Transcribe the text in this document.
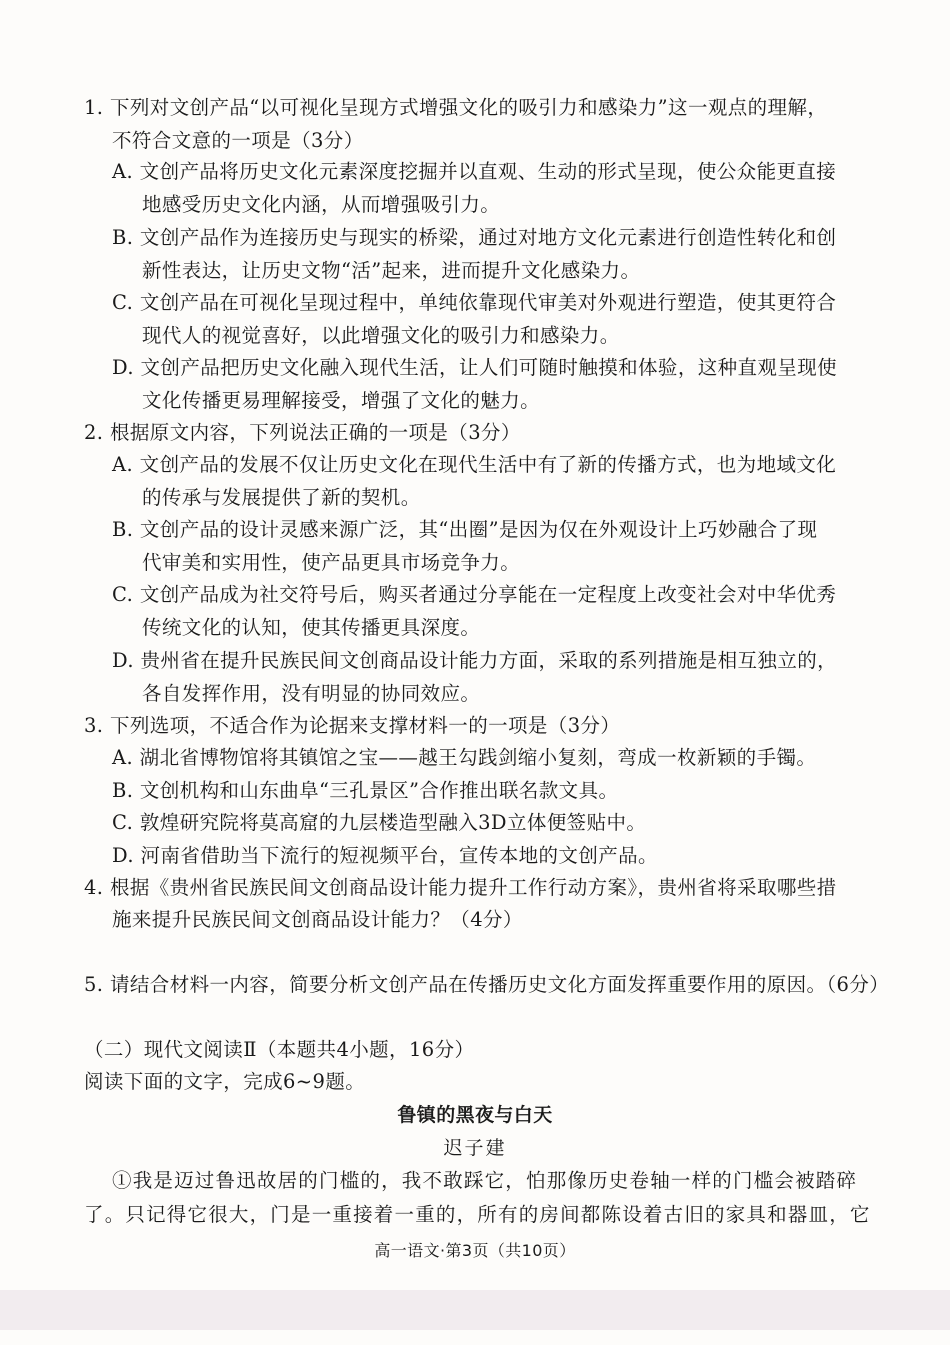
1. 下列对文创产品“以可视化呈现方式增强文化的吸引力和感染力”这一观点的理解，
不符合文意的一项是（3分）
A. 文创产品将历史文化元素深度挖掘并以直观、生动的形式呈现，使公众能更直接
地感受历史文化内涵，从而增强吸引力。
B. 文创产品作为连接历史与现实的桥梁，通过对地方文化元素进行创造性转化和创
新性表达，让历史文物“活”起来，进而提升文化感染力。
C. 文创产品在可视化呈现过程中，单纯依靠现代审美对外观进行塑造，使其更符合
现代人的视觉喜好，以此增强文化的吸引力和感染力。
D. 文创产品把历史文化融入现代生活，让人们可随时触摸和体验，这种直观呈现使
文化传播更易理解接受，增强了文化的魅力。
2. 根据原文内容，下列说法正确的一项是（3分）
A. 文创产品的发展不仅让历史文化在现代生活中有了新的传播方式，也为地域文化
的传承与发展提供了新的契机。
B. 文创产品的设计灵感来源广泛，其“出圈”是因为仅在外观设计上巧妙融合了现
代审美和实用性，使产品更具市场竞争力。
C. 文创产品成为社交符号后，购买者通过分享能在一定程度上改变社会对中华优秀
传统文化的认知，使其传播更具深度。
D. 贵州省在提升民族民间文创商品设计能力方面，采取的系列措施是相互独立的，
各自发挥作用，没有明显的协同效应。
3. 下列选项，不适合作为论据来支撑材料一的一项是（3分）
A. 湖北省博物馆将其镇馆之宝——越王勾践剑缩小复刻，弯成一枚新颖的手镯。
B. 文创机构和山东曲阜“三孔景区”合作推出联名款文具。
C. 敦煌研究院将莫高窟的九层楼造型融入3D立体便签贴中。
D. 河南省借助当下流行的短视频平台，宣传本地的文创产品。
4. 根据《贵州省民族民间文创商品设计能力提升工作行动方案》，贵州省将采取哪些措
施来提升民族民间文创商品设计能力？（4分）
5. 请结合材料一内容，简要分析文创产品在传播历史文化方面发挥重要作用的原因。（6分）
（二）现代文阅读Ⅱ（本题共4小题，16分）
阅读下面的文字，完成6~9题。
鲁镇的黑夜与白天
迟子建
①我是迈过鲁迅故居的门槛的，我不敢踩它，怕那像历史卷轴一样的门槛会被踏碎
了。只记得它很大，门是一重接着一重的，所有的房间都陈设着古旧的家具和器皿，它
高一语文·第3页（共10页）
